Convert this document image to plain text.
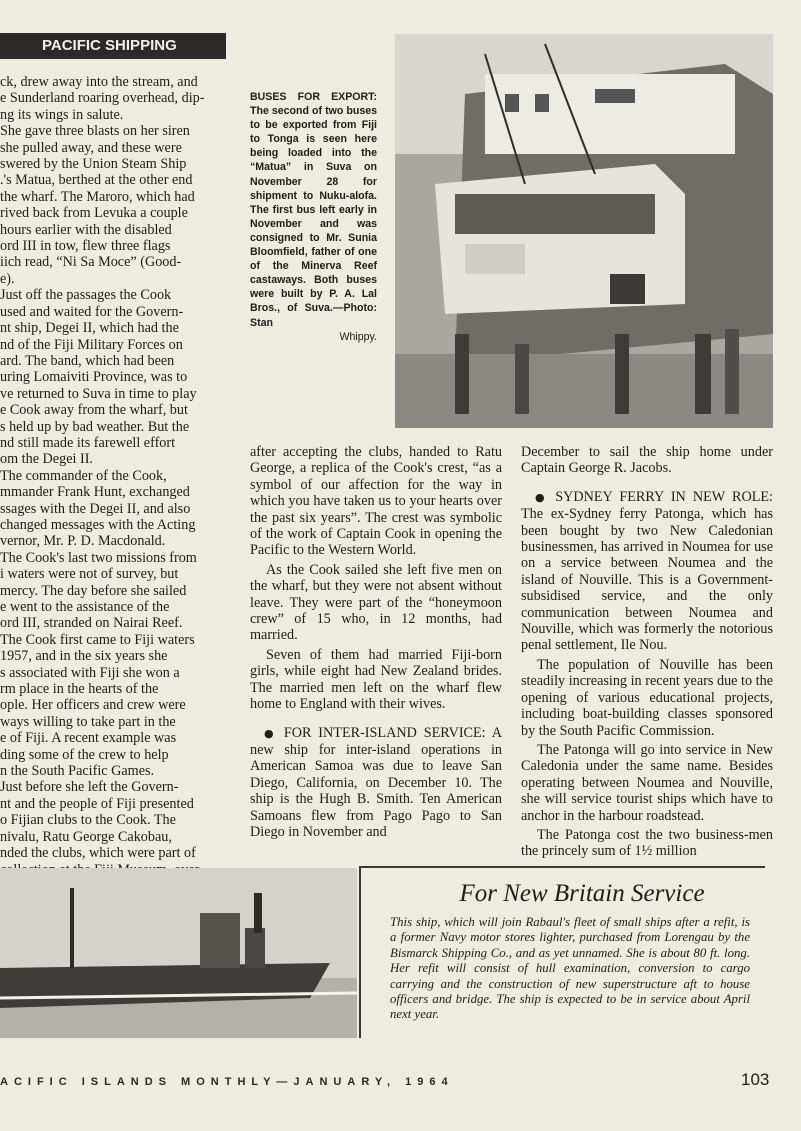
PACIFIC SHIPPING
ck, drew away into the stream, and
e Sunderland roaring overhead, dip-
ng its wings in salute.
She gave three blasts on her siren
she pulled away, and these were
swered by the Union Steam Ship
.'s Matua, berthed at the other end
the wharf. The Maroro, which had
rived back from Levuka a couple
hours earlier with the disabled
ord III in tow, flew three flags
iich read, “Ni Sa Moce” (Good-
e).
Just off the passages the Cook
used and waited for the Govern-
nt ship, Degei II, which had the
nd of the Fiji Military Forces on
ard. The band, which had been
uring Lomaiviti Province, was to
ve returned to Suva in time to play
e Cook away from the wharf, but
s held up by bad weather. But the
nd still made its farewell effort
om the Degei II.
The commander of the Cook,
mmander Frank Hunt, exchanged
ssages with the Degei II, and also
changed messages with the Acting
vernor, Mr. P. D. Macdonald.
The Cook's last two missions from
i waters were not of survey, but
mercy. The day before she sailed
e went to the assistance of the
ord III, stranded on Nairai Reef.
The Cook first came to Fiji waters
1957, and in the six years she
s associated with Fiji she won a
rm place in the hearts of the
ople. Her officers and crew were
ways willing to take part in the
e of Fiji. A recent example was
ding some of the crew to help
n the South Pacific Games.
Just before she left the Govern-
nt and the people of Fiji presented
o Fijian clubs to the Cook. The
nivalu, Ratu George Cakobau,
nded the clubs, which were part of
BUSES FOR EXPORT: The second of two buses to be exported from Fiji to Tonga is seen here being loaded into the “Matua” in Suva on November 28 for shipment to Nuku-alofa. The first bus left early in November and was consigned to Mr. Sunia Bloomfield, father of one of the Minerva Reef castaways. Both buses were built by P. A. Lal Bros., of Suva.—Photo: Stan
Whippy.

after accepting the clubs, handed to Ratu George, a replica of the Cook's crest, “as a symbol of our affection for the way in which you have taken us to your hearts over the past six years”. The crest was symbolic of the work of Captain Cook in opening the Pacific to the Western World.

As the Cook sailed she left five men on the wharf, but they were not absent without leave. They were part of the “honeymoon crew” of 15 who, in 12 months, had married.

Seven of them had married Fiji-born girls, while eight had New Zealand brides. The married men left on the wharf flew home to England with their wives.

● FOR INTER-ISLAND SERVICE: A new ship for inter-island operations in American Samoa was due to leave San Diego, California, on December 10. The ship is the Hugh B. Smith. Ten American Samoans flew from Pago Pago to San Diego in November and

December to sail the ship home under Captain George R. Jacobs.

● SYDNEY FERRY IN NEW ROLE: The ex-Sydney ferry Patonga, which has been bought by two New Caledonian businessmen, has arrived in Noumea for use on a service between Noumea and the island of Nouville. This is a Government-subsidised service, and the only communication between Noumea and Nouville, which was formerly the notorious penal settlement, Ile Nou.

The population of Nouville has been steadily increasing in recent years due to the opening of various educational projects, including boat-building classes sponsored by the South Pacific Commission.

The Patonga will go into service in New Caledonia under the same name. Besides operating between Noumea and Nouville, she will service tourist ships which have to anchor in the harbour roadstead.

The Patonga cost the two business-men the princely sum of 1½ million

For New Britain Service
This ship, which will join Rabaul's fleet of small ships after a refit, is a former Navy motor stores lighter, purchased from Lorengau by the Bismarck Shipping Co., and as yet unnamed. She is about 80 ft. long. Her refit will consist of hull examination, conversion to cargo carrying and the construction of new superstructure aft to house officers and bridge. The ship is expected to be in service about April next year.
ACIFIC ISLANDS MONTHLY—JANUARY, 1964	103
